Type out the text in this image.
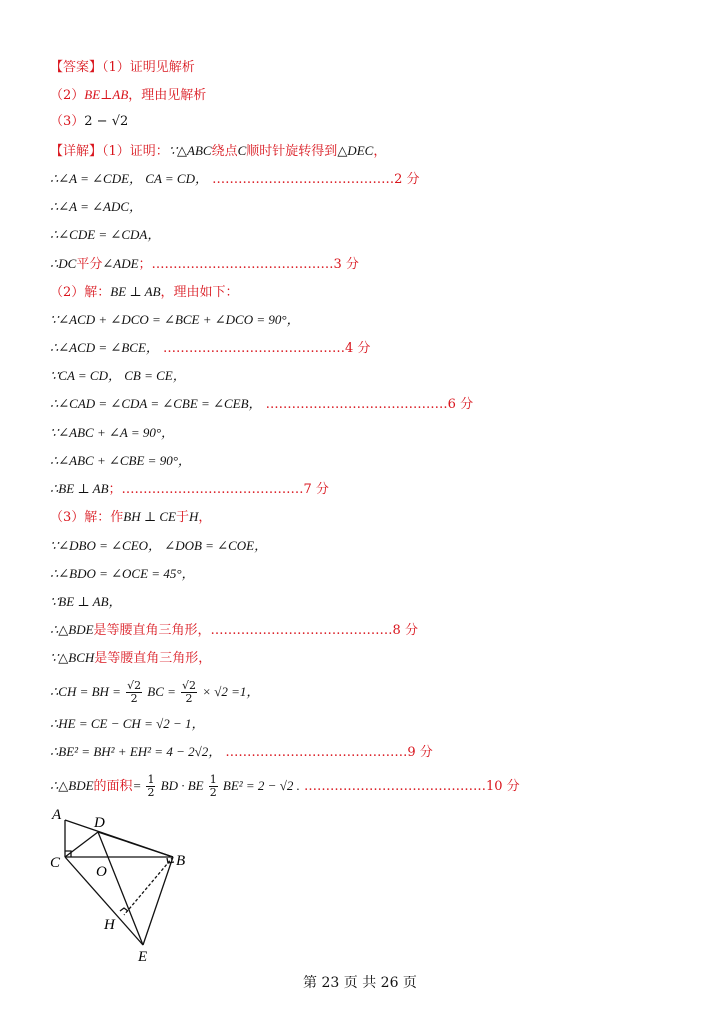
【答案】（1）证明见解析
（2）BE⊥AB，理由见解析
（3）2 − √2
【详解】（1）证明：∵△ABC绕点C顺时针旋转得到△DEC，
∴∠A = ∠CDE， CA = CD， ……………………………………2 分
∴∠A = ∠ADC，
∴∠CDE = ∠CDA，
∴DC平分∠ADE；……………………………………3 分
（2）解：BE ⊥ AB，理由如下：
∵∠ACD + ∠DCO = ∠BCE + ∠DCO = 90°，
∴∠ACD = ∠BCE， ……………………………………4 分
∵CA = CD， CB = CE，
∴∠CAD = ∠CDA = ∠CBE = ∠CEB， ……………………………………6 分
∵∠ABC + ∠A = 90°，
∴∠ABC + ∠CBE = 90°，
∴BE ⊥ AB；……………………………………7 分
（3）解：作BH ⊥ CE于H，
∵∠DBO = ∠CEO， ∠DOB = ∠COE，
∴∠BDO = ∠OCE = 45°，
∵BE ⊥ AB，
∴△BDE是等腰直角三角形，……………………………………8 分
∵△BCH是等腰直角三角形，
∴HE = CE − CH = √2 − 1，
∴BE² = BH² + EH² = 4 − 2√2， ……………………………………9 分
∴CH = BH = $\frac{√2}{2}$ BC = $\frac{√2}{2} \times √2 =1$，
∴△BDE的面积= $\frac{1}{2}$ BD · BE $\frac{1}{2} BE^2 = 2 - √2$ . ……………………………………10 分
A D
C	B
O
H
E
第 23 页 共 26 页
